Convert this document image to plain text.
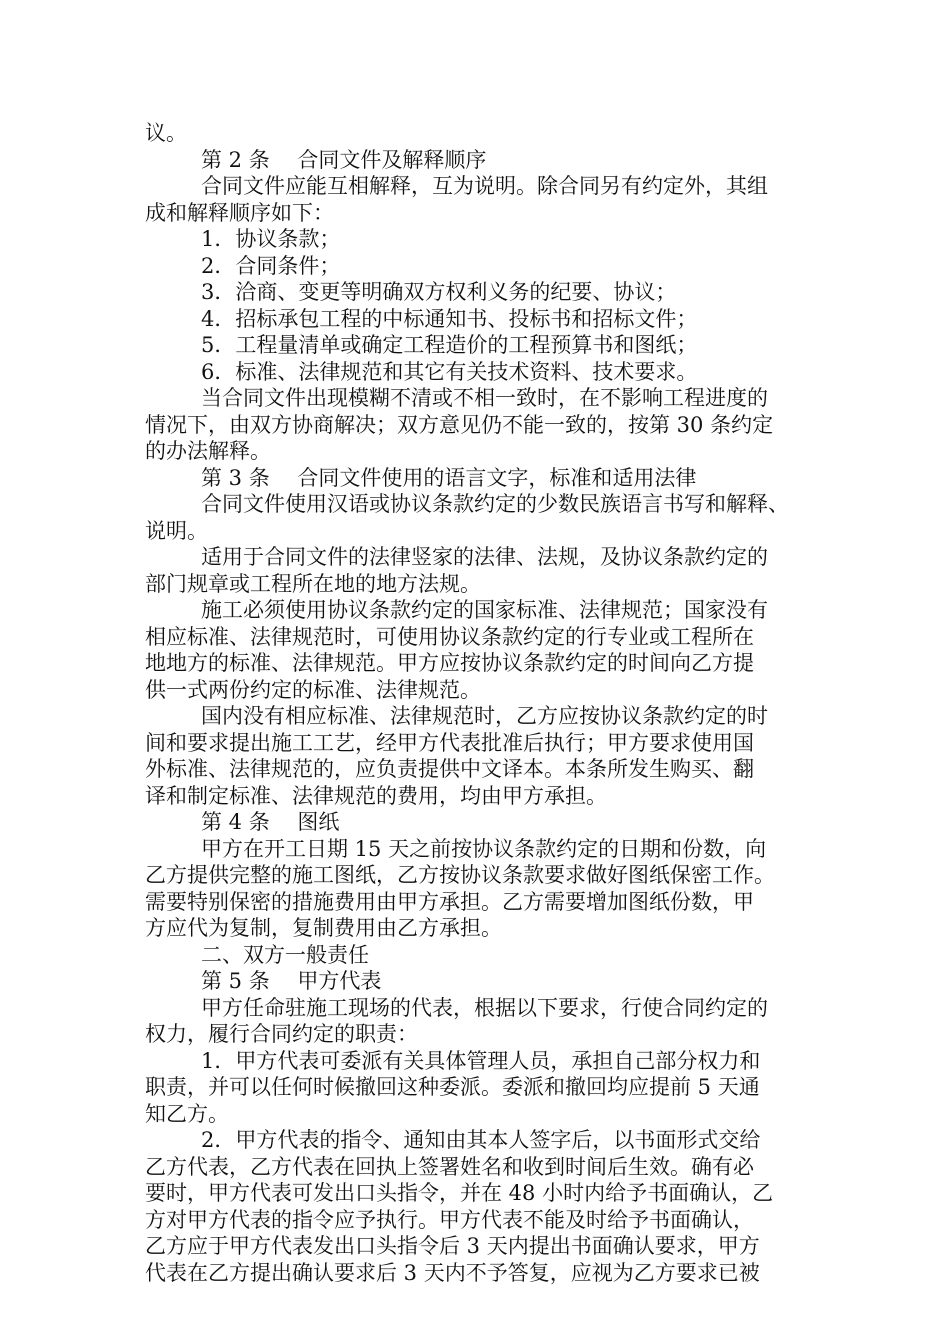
议。
第 2 条　 合同文件及解释顺序
合同文件应能互相解释，互为说明。除合同另有约定外，其组
成和解释顺序如下：
1．协议条款；
2．合同条件；
3．洽商、变更等明确双方权利义务的纪要、协议；
4．招标承包工程的中标通知书、投标书和招标文件；
5．工程量清单或确定工程造价的工程预算书和图纸；
6．标准、法律规范和其它有关技术资料、技术要求。
当合同文件出现模糊不清或不相一致时，在不影响工程进度的
情况下，由双方协商解决；双方意见仍不能一致的，按第 30 条约定
的办法解释。
第 3 条　 合同文件使用的语言文字，标准和适用法律
合同文件使用汉语或协议条款约定的少数民族语言书写和解释、
说明。
适用于合同文件的法律竖家的法律、法规，及协议条款约定的
部门规章或工程所在地的地方法规。
施工必须使用协议条款约定的国家标准、法律规范；国家没有
相应标准、法律规范时，可使用协议条款约定的行专业或工程所在
地地方的标准、法律规范。甲方应按协议条款约定的时间向乙方提
供一式两份约定的标准、法律规范。
国内没有相应标准、法律规范时，乙方应按协议条款约定的时
间和要求提出施工工艺，经甲方代表批准后执行；甲方要求使用国
外标准、法律规范的，应负责提供中文译本。本条所发生购买、翻
译和制定标准、法律规范的费用，均由甲方承担。
第 4 条　 图纸
甲方在开工日期 15 天之前按协议条款约定的日期和份数，向
乙方提供完整的施工图纸，乙方按协议条款要求做好图纸保密工作。
需要特别保密的措施费用由甲方承担。乙方需要增加图纸份数，甲
方应代为复制，复制费用由乙方承担。
二、双方一般责任
第 5 条　 甲方代表
甲方任命驻施工现场的代表，根据以下要求，行使合同约定的
权力，履行合同约定的职责：
1．甲方代表可委派有关具体管理人员，承担自己部分权力和
职责，并可以任何时候撤回这种委派。委派和撤回均应提前 5 天通
知乙方。
2．甲方代表的指令、通知由其本人签字后，以书面形式交给
乙方代表，乙方代表在回执上签署姓名和收到时间后生效。确有必
要时，甲方代表可发出口头指令，并在 48 小时内给予书面确认，乙
方对甲方代表的指令应予执行。甲方代表不能及时给予书面确认，
乙方应于甲方代表发出口头指令后 3 天内提出书面确认要求，甲方
代表在乙方提出确认要求后 3 天内不予答复，应视为乙方要求已被
